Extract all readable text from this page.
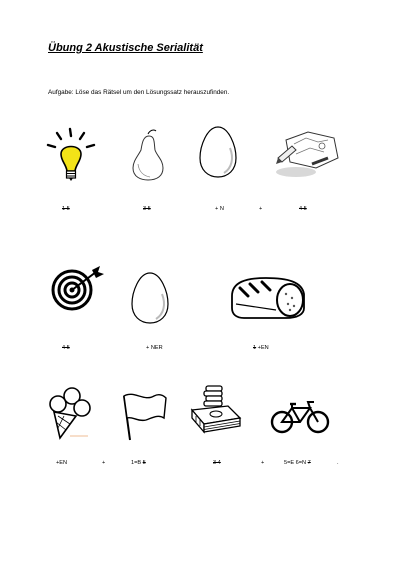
Übung 2 Akustische Serialität
Aufgabe: Löse das Rätsel um den Lösungssatz herauszufinden.
1 5	3 5	+ N	+	4 5
4 5	+ NER	1 +EN
+EN	+	1=B 5	3 4	+	5=E 6=N 7	.
